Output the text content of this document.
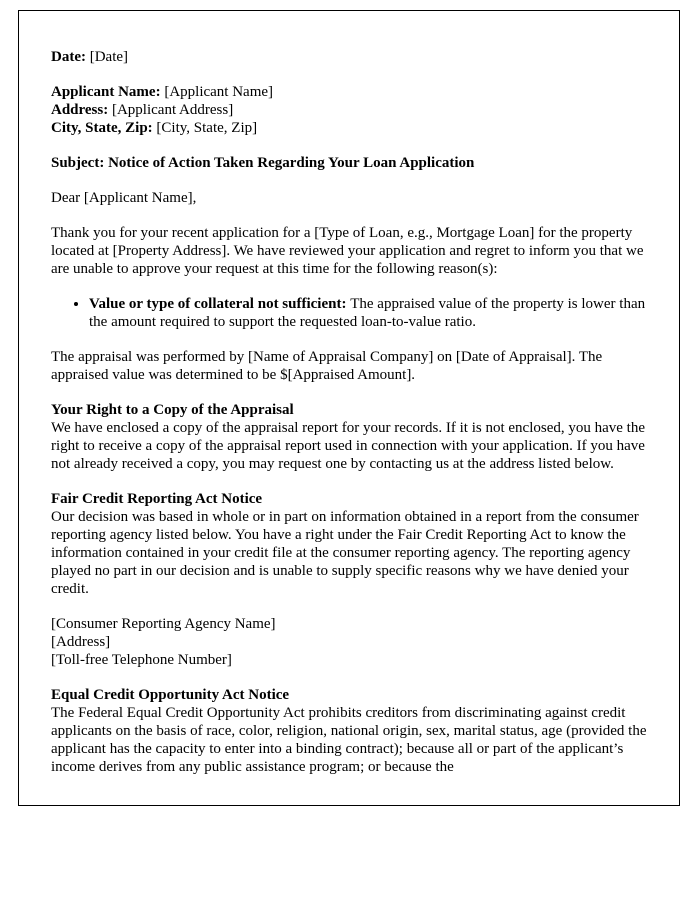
Date: [Date]

Applicant Name: [Applicant Name]
Address: [Applicant Address]
City, State, Zip: [City, State, Zip]

Subject: Notice of Action Taken Regarding Your Loan Application

Dear [Applicant Name],

Thank you for your recent application for a [Type of Loan, e.g., Mortgage Loan] for the property located at [Property Address]. We have reviewed your application and regret to inform you that we are unable to approve your request at this time for the following reason(s):

• Value or type of collateral not sufficient: The appraised value of the property is lower than the amount required to support the requested loan-to-value ratio.

The appraisal was performed by [Name of Appraisal Company] on [Date of Appraisal]. The appraised value was determined to be $[Appraised Amount].

Your Right to a Copy of the Appraisal

We have enclosed a copy of the appraisal report for your records. If it is not enclosed, you have the right to receive a copy of the appraisal report used in connection with your application. If you have not already received a copy, you may request one by contacting us at the address listed below.

Fair Credit Reporting Act Notice

Our decision was based in whole or in part on information obtained in a report from the consumer reporting agency listed below. You have a right under the Fair Credit Reporting Act to know the information contained in your credit file at the consumer reporting agency. The reporting agency played no part in our decision and is unable to supply specific reasons why we have denied your credit.

[Consumer Reporting Agency Name]
[Address]
[Toll-free Telephone Number]

Equal Credit Opportunity Act Notice

The Federal Equal Credit Opportunity Act prohibits creditors from discriminating against credit applicants on the basis of race, color, religion, national origin, sex, marital status, age (provided the applicant has the capacity to enter into a binding contract); because all or part of the applicant’s income derives from any public assistance program; or because the
